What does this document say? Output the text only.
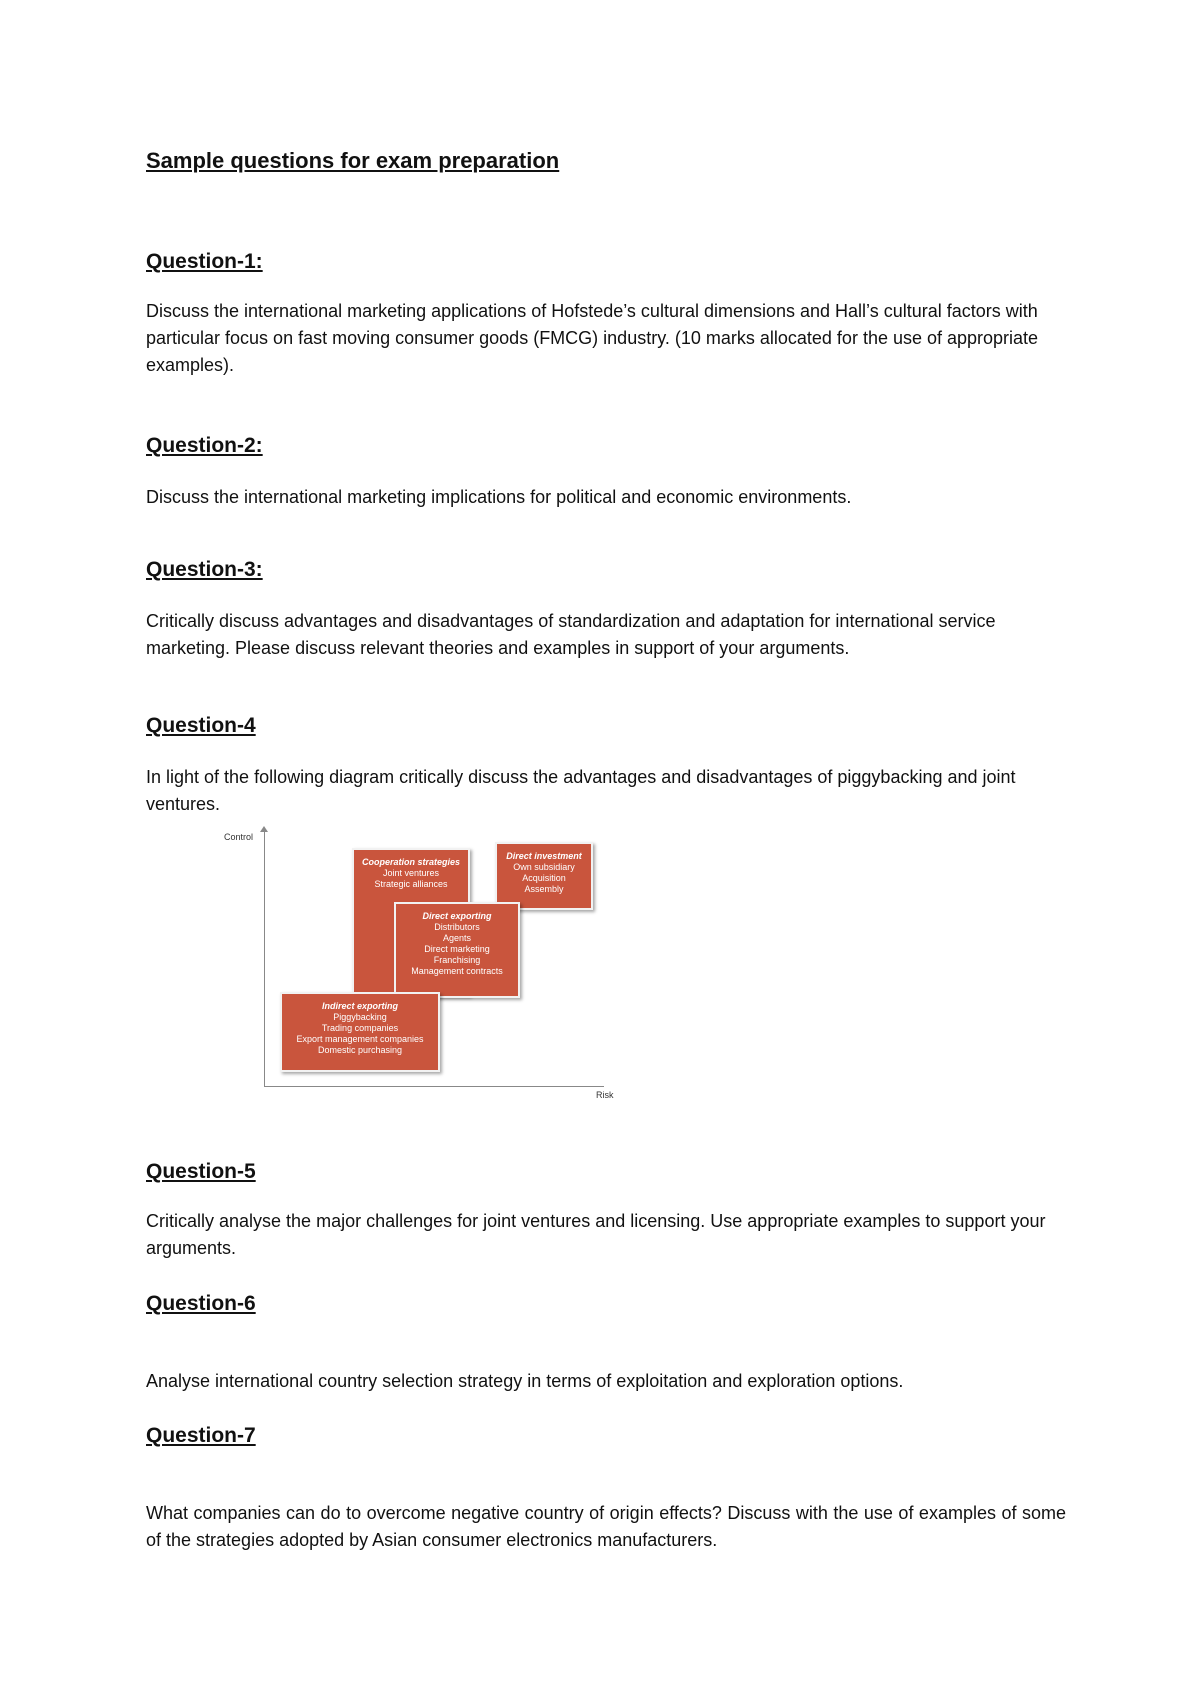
Sample questions for exam preparation
Question-1:
Discuss the international marketing applications of Hofstede’s cultural dimensions and Hall’s cultural factors with particular focus on fast moving consumer goods (FMCG) industry. (10 marks allocated for the use of appropriate examples).
Question-2:
Discuss the international marketing implications for political and economic environments.
Question-3:
Critically discuss advantages and disadvantages of standardization and adaptation for international service marketing. Please discuss relevant theories and examples in support of your arguments.
Question-4
In light of the following diagram critically discuss the advantages and disadvantages of piggybacking and joint ventures.
Control
Risk
Cooperation strategies
Joint ventures
Strategic alliances
Direct investment
Own subsidiary
Acquisition
Assembly
Direct exporting
Distributors
Agents
Direct marketing
Franchising
Management contracts
Indirect exporting
Piggybacking
Trading companies
Export management companies
Domestic purchasing
Question-5
Critically analyse the major challenges for joint ventures and licensing. Use appropriate examples to support your arguments.
Question-6
Analyse international country selection strategy in terms of exploitation and exploration options.
Question-7
What companies can do to overcome negative country of origin effects? Discuss with the use of examples of some of the strategies adopted by Asian consumer electronics manufacturers.
